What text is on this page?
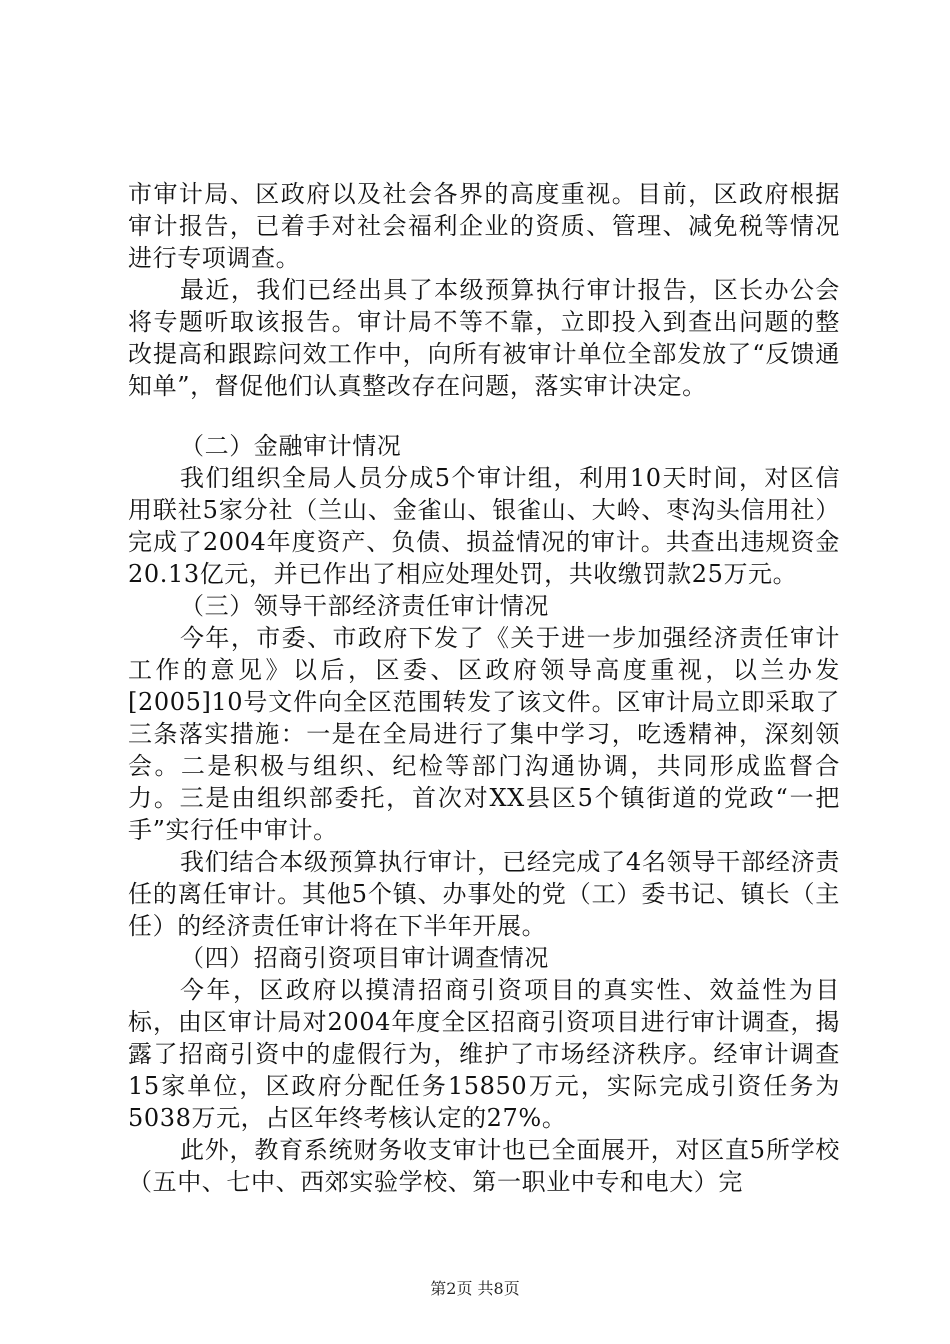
市审计局、区政府以及社会各界的高度重视。目前，区政府根据审计报告，已着手对社会福利企业的资质、管理、减免税等情况进行专项调查。

最近，我们已经出具了本级预算执行审计报告，区长办公会将专题听取该报告。审计局不等不靠，立即投入到查出问题的整改提高和跟踪问效工作中，向所有被审计单位全部发放了“反馈通知单”，督促他们认真整改存在问题，落实审计决定。

（二）金融审计情况

我们组织全局人员分成5个审计组，利用10天时间，对区信用联社5家分社（兰山、金雀山、银雀山、大岭、枣沟头信用社）完成了2004年度资产、负债、损益情况的审计。共查出违规资金20.13亿元，并已作出了相应处理处罚，共收缴罚款25万元。

（三）领导干部经济责任审计情况

今年，市委、市政府下发了《关于进一步加强经济责任审计工作的意见》以后，区委、区政府领导高度重视，以兰办发[2005]10号文件向全区范围转发了该文件。区审计局立即采取了三条落实措施：一是在全局进行了集中学习，吃透精神，深刻领会。二是积极与组织、纪检等部门沟通协调，共同形成监督合力。三是由组织部委托，首次对XX县区5个镇街道的党政“一把手”实行任中审计。

我们结合本级预算执行审计，已经完成了4名领导干部经济责任的离任审计。其他5个镇、办事处的党（工）委书记、镇长（主任）的经济责任审计将在下半年开展。

（四）招商引资项目审计调查情况

今年，区政府以摸清招商引资项目的真实性、效益性为目标，由区审计局对2004年度全区招商引资项目进行审计调查，揭露了招商引资中的虚假行为，维护了市场经济秩序。经审计调查15家单位，区政府分配任务15850万元，实际完成引资任务为5038万元，占区年终考核认定的27%。

此外，教育系统财务收支审计也已全面展开，对区直5所学校（五中、七中、西郊实验学校、第一职业中专和电大）完

第2页 共8页
